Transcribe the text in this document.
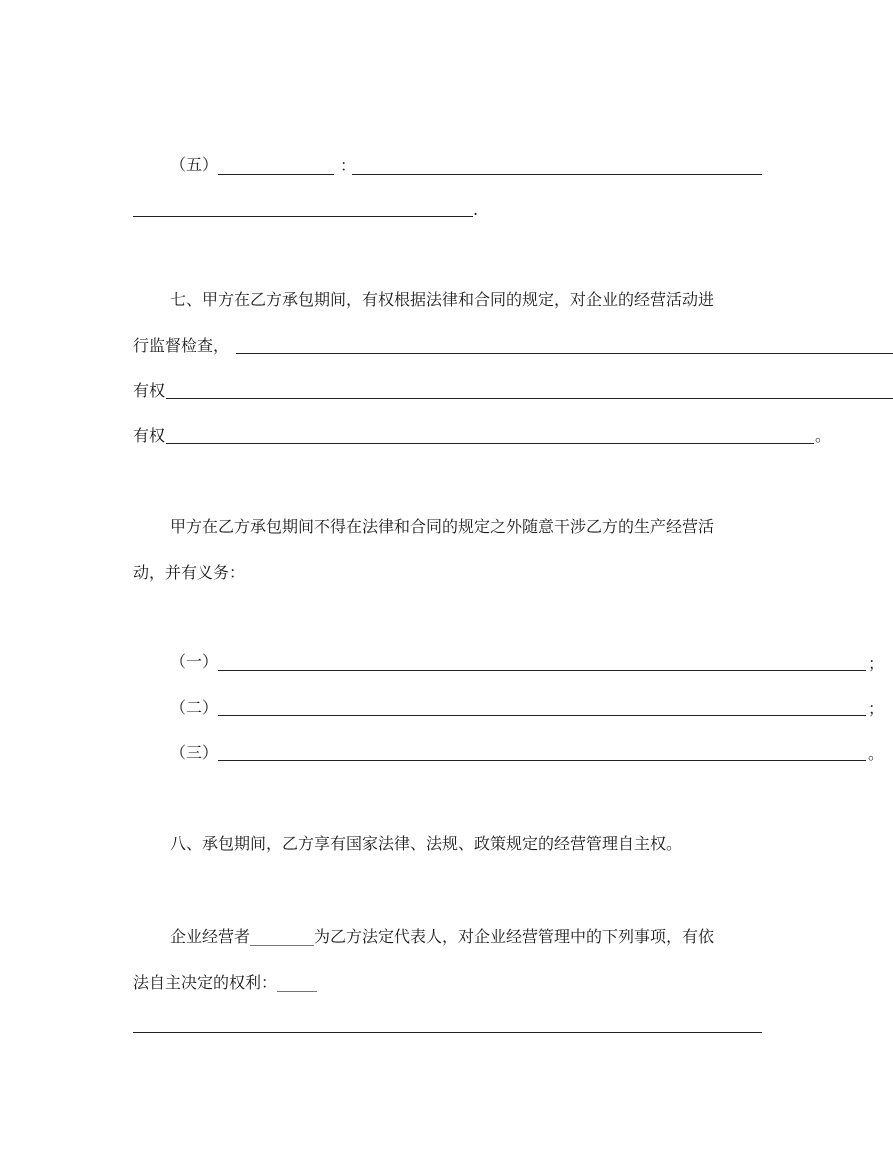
（五）	：
.
七、甲方在乙方承包期间，有权根据法律和合同的规定，对企业的经营活动进
行监督检查，
有权
有权	。
甲方在乙方承包期间不得在法律和合同的规定之外随意干涉乙方的生产经营活
动，并有义务：
（一）	；
（二）	；
（三）	。
八、承包期间，乙方享有国家法律、法规、政策规定的经营管理自主权。
企业经营者________为乙方法定代表人，对企业经营管理中的下列事项，有依
法自主决定的权利：_____
